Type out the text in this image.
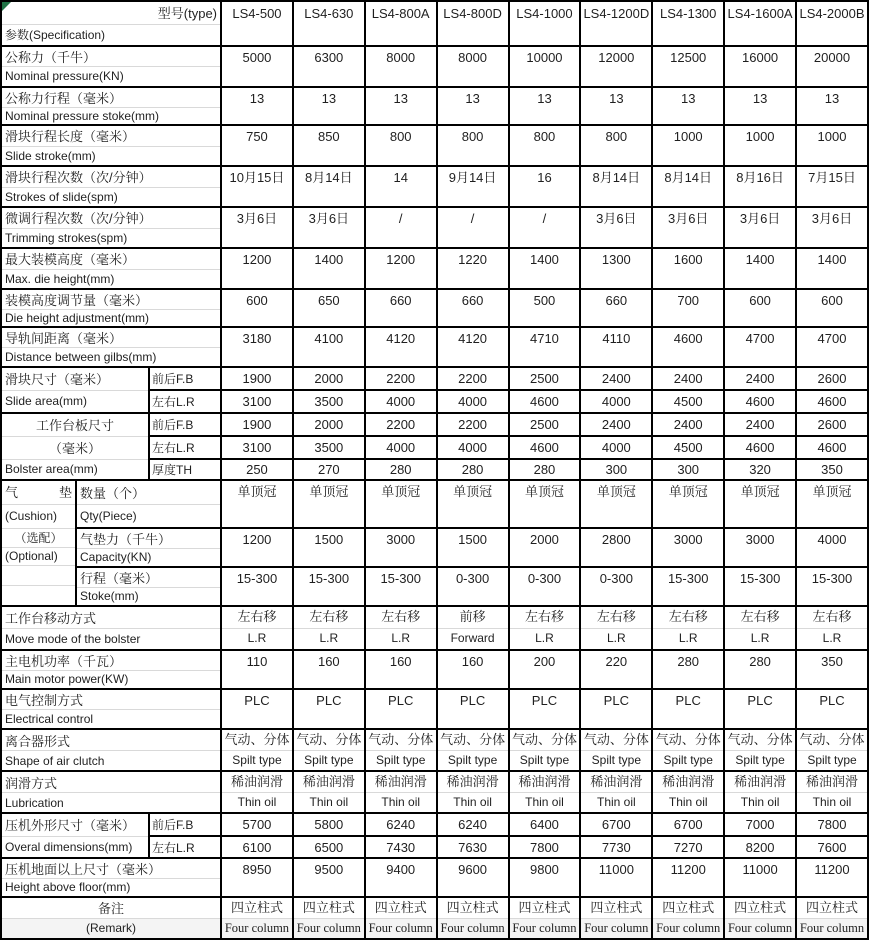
型号(type)			LS4-500	LS4-630	LS4-800A	LS4-800D	LS4-1000	LS4-1200D	LS4-1300	LS4-1600A	LS4-2000B
参数(Specification)											
公称力（千牛）			5000	6300	8000	8000	10000	12000	12500	16000	20000
Nominal pressure(KN)											
公称力行程（毫米）			13	13	13	13	13	13	13	13	13
Nominal pressure stoke(mm)											
滑块行程长度（毫米）			750	850	800	800	800	800	1000	1000	1000
Slide stroke(mm)											
滑块行程次数（次/分钟）			10月15日	8月14日	14	9月14日	16	8月14日	8月14日	8月16日	7月15日
Strokes of slide(spm)											
微调行程次数（次/分钟）			3月6日	3月6日	/	/	/	3月6日	3月6日	3月6日	3月6日
Trimming strokes(spm)											
最大装模高度（毫米）			1200	1400	1200	1220	1400	1300	1600	1400	1400
Max. die height(mm)											
装模高度调节量（毫米）			600	650	660	660	500	660	700	600	600
Die height adjustment(mm)											
导轨间距离（毫米）			3180	4100	4120	4120	4710	4110	4600	4700	4700
Distance between gilbs(mm)											
滑块尺寸（毫米）		前后F.B	1900	2000	2200	2200	2500	2400	2400	2400	2600
Slide area(mm)		左右L.R	3100	3500	4000	4000	4600	4000	4500	4600	4600
工作台板尺寸		前后F.B	1900	2000	2200	2200	2500	2400	2400	2400	2600
（毫米）		左右L.R	3100	3500	4000	4000	4600	4000	4500	4600	4600
Bolster area(mm)		厚度TH	250	270	280	280	280	300	300	320	350

气 垫
(Cushion)
（选配）
(Optional)	数量（个）		单顶冠	单顶冠	单顶冠	单顶冠	单顶冠	单顶冠	单顶冠	单顶冠	单顶冠
	Qty(Piece)										
	气垫力（千牛）		1200	1500	3000	1500	2000	2800	3000	3000	4000
	Capacity(KN)										
	行程（毫米）		15-300	15-300	15-300	0-300	0-300	0-300	15-300	15-300	15-300
	Stoke(mm)										
工作台移动方式			左右移	左右移	左右移	前移	左右移	左右移	左右移	左右移	左右移
Move mode of the bolster			L.R	L.R	L.R	Forward	L.R	L.R	L.R	L.R	L.R
主电机功率（千瓦）			110	160	160	160	200	220	280	280	350
Main motor power(KW)											
电气控制方式			PLC	PLC	PLC	PLC	PLC	PLC	PLC	PLC	PLC
Electrical control											
离合器形式			气动、分体	气动、分体	气动、分体	气动、分体	气动、分体	气动、分体	气动、分体	气动、分体	气动、分体
Shape of air clutch			Spilt type	Spilt type	Spilt type	Spilt type	Spilt type	Spilt type	Spilt type	Spilt type	Spilt type
润滑方式			稀油润滑	稀油润滑	稀油润滑	稀油润滑	稀油润滑	稀油润滑	稀油润滑	稀油润滑	稀油润滑
Lubrication			Thin oil	Thin oil	Thin oil	Thin oil	Thin oil	Thin oil	Thin oil	Thin oil	Thin oil
压机外形尺寸（毫米）		前后F.B	5700	5800	6240	6240	6400	6700	6700	7000	7800
Overal dimensions(mm)		左右L.R	6100	6500	7430	7630	7800	7730	7270	8200	7600
压机地面以上尺寸（毫米）			8950	9500	9400	9600	9800	11000	11200	11000	11200
Height above floor(mm)											
备注			四立柱式	四立柱式	四立柱式	四立柱式	四立柱式	四立柱式	四立柱式	四立柱式	四立柱式
(Remark)			Four column	Four column	Four column	Four column	Four column	Four column	Four column	Four column	Four column
